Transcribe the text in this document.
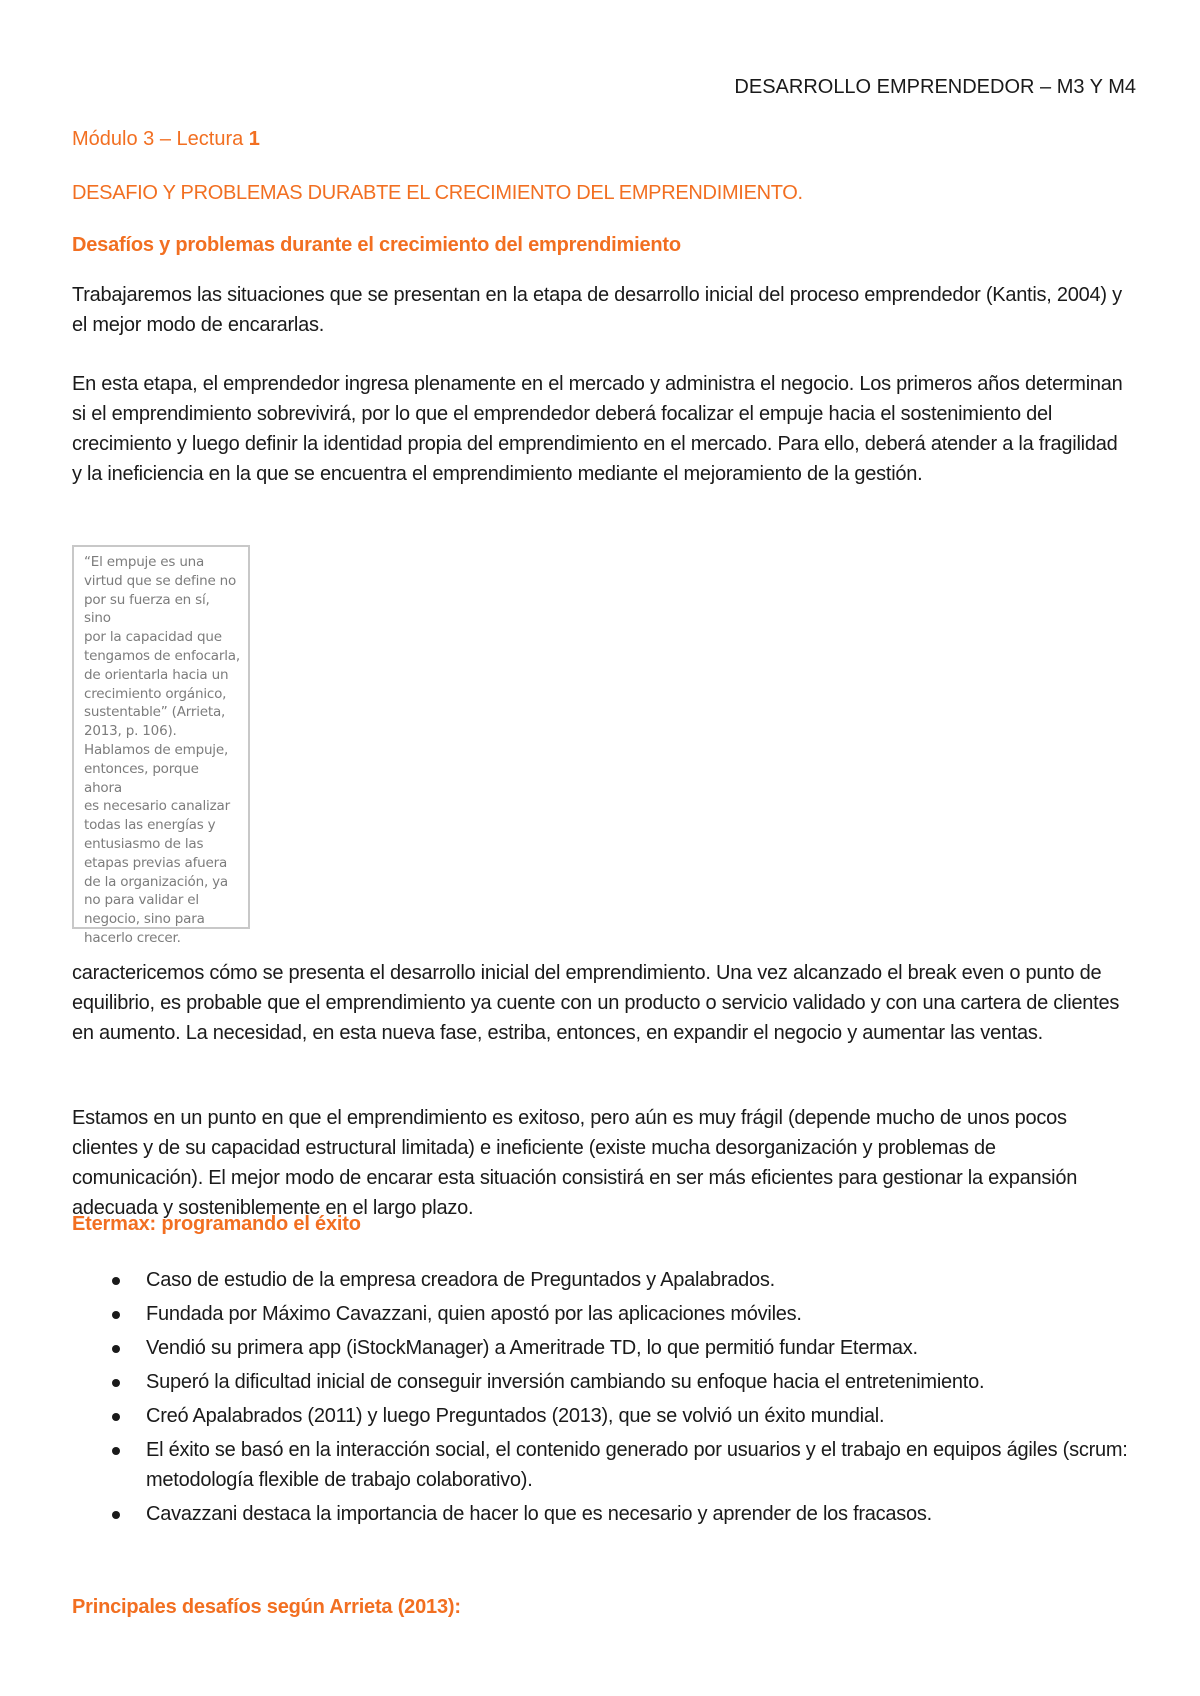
DESARROLLO EMPRENDEDOR – M3 Y M4
Módulo 3 – Lectura 1
DESAFIO Y PROBLEMAS DURABTE EL CRECIMIENTO DEL EMPRENDIMIENTO.
Desafíos y problemas durante el crecimiento del emprendimiento

Trabajaremos las situaciones que se presentan en la etapa de desarrollo inicial del proceso emprendedor (Kantis, 2004) y el mejor modo de encararlas.

En esta etapa, el emprendedor ingresa plenamente en el mercado y administra el negocio. Los primeros años determinan si el emprendimiento sobrevivirá, por lo que el emprendedor deberá focalizar el empuje hacia el sostenimiento del crecimiento y luego definir la identidad propia del emprendimiento en el mercado. Para ello, deberá atender a la fragilidad y la ineficiencia en la que se encuentra el emprendimiento mediante el mejoramiento de la gestión.

“El empuje es una
virtud que se define no
por su fuerza en sí, sino
por la capacidad que
tengamos de enfocarla,
de orientarla hacia un
crecimiento orgánico,
sustentable” (Arrieta,
2013, p. 106).
Hablamos de empuje,
entonces, porque ahora
es necesario canalizar
todas las energías y
entusiasmo de las
etapas previas afuera
de la organización, ya
no para validar el
negocio, sino para
hacerlo crecer.

caractericemos cómo se presenta el desarrollo inicial del emprendimiento. Una vez alcanzado el break even o punto de equilibrio, es probable que el emprendimiento ya cuente con un producto o servicio validado y con una cartera de clientes en aumento. La necesidad, en esta nueva fase, estriba, entonces, en expandir el negocio y aumentar las ventas.

Estamos en un punto en que el emprendimiento es exitoso, pero aún es muy frágil (depende mucho de unos pocos clientes y de su capacidad estructural limitada) e ineficiente (existe mucha desorganización y problemas de comunicación). El mejor modo de encarar esta situación consistirá en ser más eficientes para gestionar la expansión adecuada y sosteniblemente en el largo plazo.

Etermax: programando el éxito
Caso de estudio de la empresa creadora de Preguntados y Apalabrados.
Fundada por Máximo Cavazzani, quien apostó por las aplicaciones móviles.
Vendió su primera app (iStockManager) a Ameritrade TD, lo que permitió fundar Etermax.
Superó la dificultad inicial de conseguir inversión cambiando su enfoque hacia el entretenimiento.
Creó Apalabrados (2011) y luego Preguntados (2013), que se volvió un éxito mundial.
El éxito se basó en la interacción social, el contenido generado por usuarios y el trabajo en equipos ágiles (scrum: metodología flexible de trabajo colaborativo).
Cavazzani destaca la importancia de hacer lo que es necesario y aprender de los fracasos.
Principales desafíos según Arrieta (2013):
